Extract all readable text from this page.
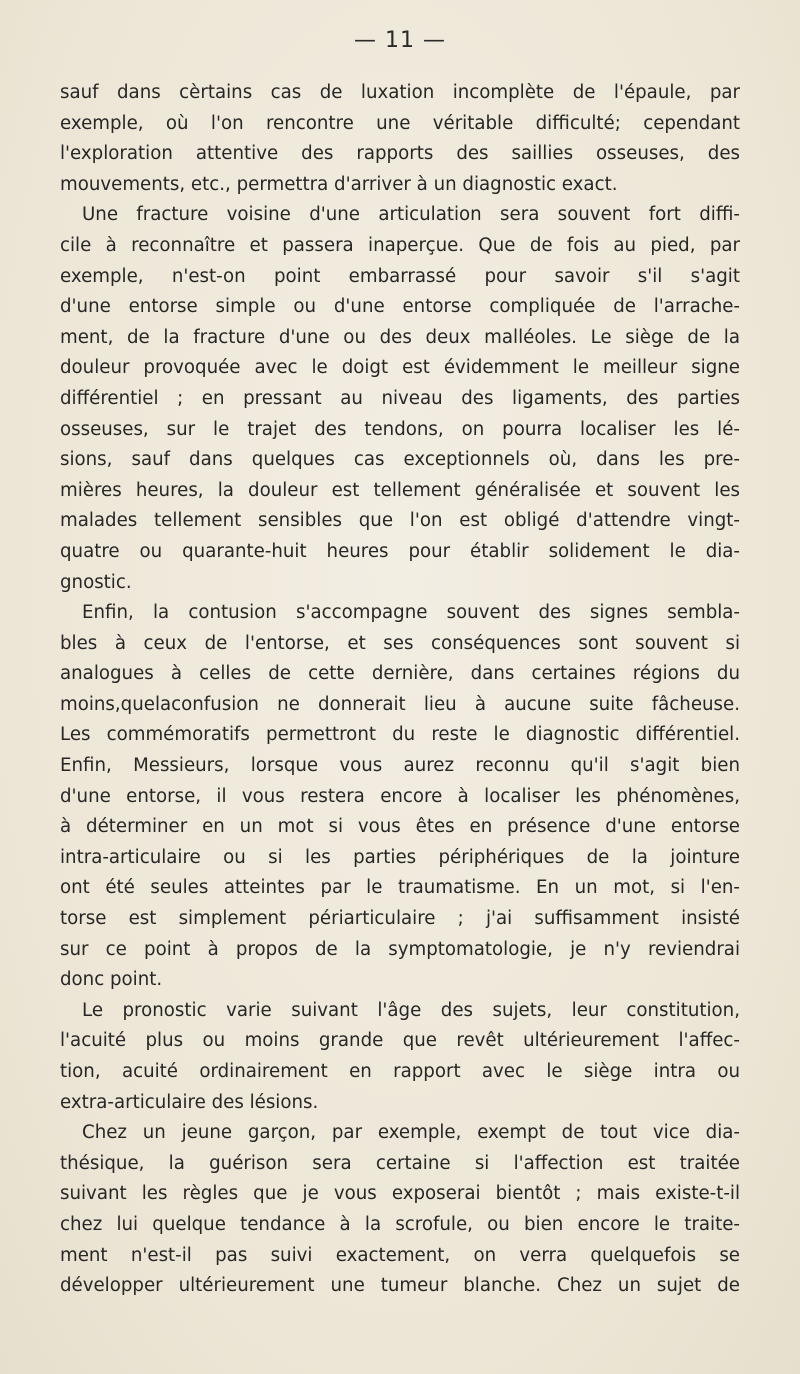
— 11 —
sauf dans cèrtains cas de luxation incomplète de l'épaule, par
exemple, où l'on rencontre une véritable difficulté; cependant
l'exploration attentive des rapports des saillies osseuses, des
mouvements, etc., permettra d'arriver à un diagnostic exact.
Une fracture voisine d'une articulation sera souvent fort diffi-
cile à reconnaître et passera inaperçue. Que de fois au pied, par
exemple, n'est-on point embarrassé pour savoir s'il s'agit
d'une entorse simple ou d'une entorse compliquée de l'arrache-
ment, de la fracture d'une ou des deux malléoles. Le siège de la
douleur provoquée avec le doigt est évidemment le meilleur signe
différentiel ; en pressant au niveau des ligaments, des parties
osseuses, sur le trajet des tendons, on pourra localiser les lé-
sions, sauf dans quelques cas exceptionnels où, dans les pre-
mières heures, la douleur est tellement généralisée et souvent les
malades tellement sensibles que l'on est obligé d'attendre vingt-
quatre ou quarante-huit heures pour établir solidement le dia-
gnostic.
Enfin, la contusion s'accompagne souvent des signes sembla-
bles à ceux de l'entorse, et ses conséquences sont souvent si
analogues à celles de cette dernière, dans certaines régions du
moins,quelaconfusion ne donnerait lieu à aucune suite fâcheuse.
Les commémoratifs permettront du reste le diagnostic différentiel.
Enfin, Messieurs, lorsque vous aurez reconnu qu'il s'agit bien
d'une entorse, il vous restera encore à localiser les phénomènes,
à déterminer en un mot si vous êtes en présence d'une entorse
intra-articulaire ou si les parties périphériques de la jointure
ont été seules atteintes par le traumatisme. En un mot, si l'en-
torse est simplement périarticulaire ; j'ai suffisamment insisté
sur ce point à propos de la symptomatologie, je n'y reviendrai
donc point.
Le pronostic varie suivant l'âge des sujets, leur constitution,
l'acuité plus ou moins grande que revêt ultérieurement l'affec-
tion, acuité ordinairement en rapport avec le siège intra ou
extra-articulaire des lésions.
Chez un jeune garçon, par exemple, exempt de tout vice dia-
thésique, la guérison sera certaine si l'affection est traitée
suivant les règles que je vous exposerai bientôt ; mais existe-t-il
chez lui quelque tendance à la scrofule, ou bien encore le traite-
ment n'est-il pas suivi exactement, on verra quelquefois se
développer ultérieurement une tumeur blanche. Chez un sujet de
